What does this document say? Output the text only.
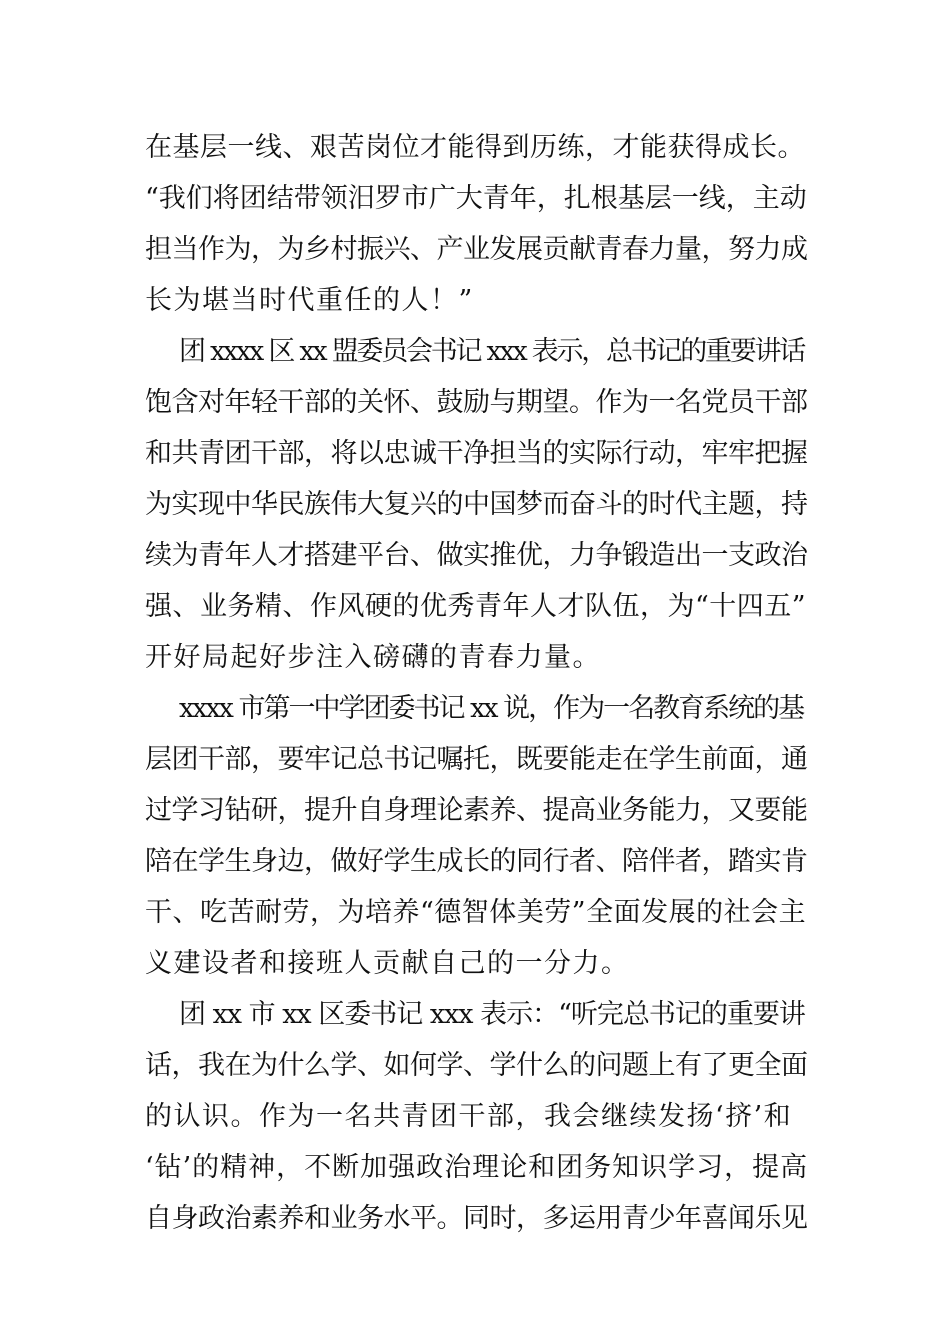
在基层一线、艰苦岗位才能得到历练，才能获得成长。
“我们将团结带领汨罗市广大青年，扎根基层一线，主动
担当作为，为乡村振兴、产业发展贡献青春力量，努力成
长为堪当时代重任的人！”
团 xxxx 区 xx 盟委员会书记 xxx 表示，总书记的重要讲话
饱含对年轻干部的关怀、鼓励与期望。作为一名党员干部
和共青团干部，将以忠诚干净担当的实际行动，牢牢把握
为实现中华民族伟大复兴的中国梦而奋斗的时代主题，持
续为青年人才搭建平台、做实推优，力争锻造出一支政治
强、业务精、作风硬的优秀青年人才队伍，为“十四五”
开好局起好步注入磅礴的青春力量。
xxxx 市第一中学团委书记 xx 说，作为一名教育系统的基
层团干部，要牢记总书记嘱托，既要能走在学生前面，通
过学习钻研，提升自身理论素养、提高业务能力，又要能
陪在学生身边，做好学生成长的同行者、陪伴者，踏实肯
干、吃苦耐劳，为培养“德智体美劳”全面发展的社会主
义建设者和接班人贡献自己的一分力。
团 xx 市 xx 区委书记 xxx 表示：“听完总书记的重要讲
话，我在为什么学、如何学、学什么的问题上有了更全面
的认识。作为一名共青团干部，我会继续发扬‘挤’和
‘钻’的精神，不断加强政治理论和团务知识学习，提高
自身政治素养和业务水平。同时，多运用青少年喜闻乐见
